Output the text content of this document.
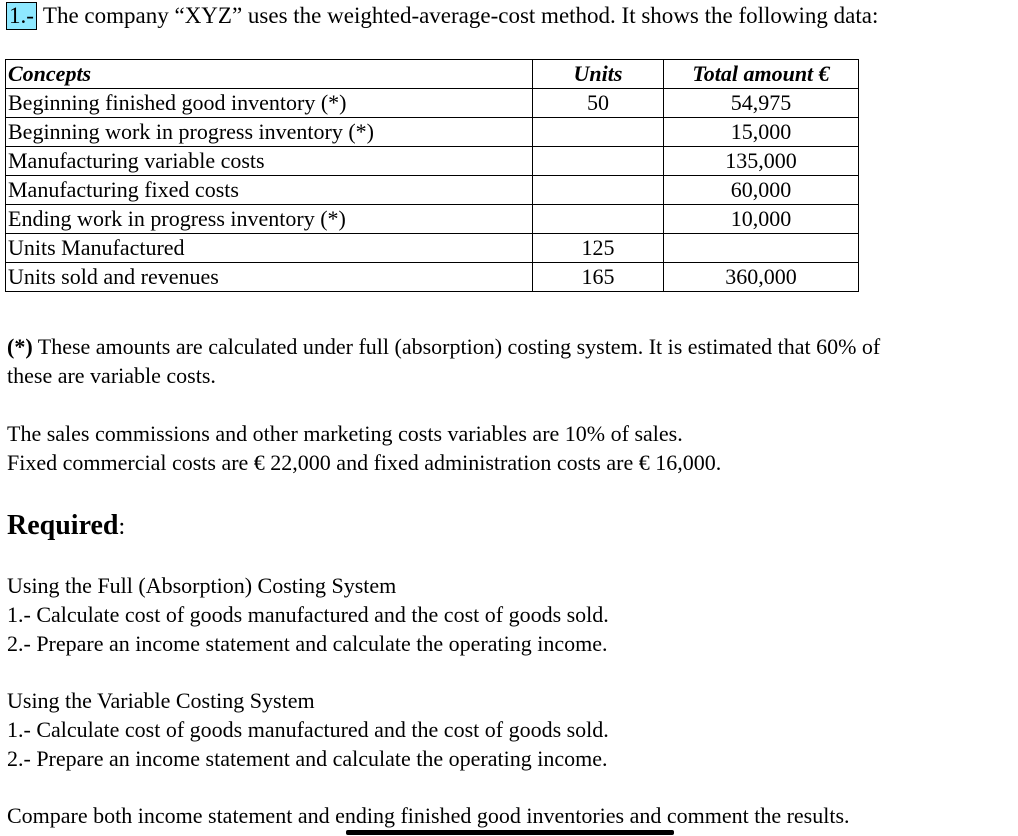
1.- The company “XYZ” uses the weighted-average-cost method. It shows the following data:
Concepts	Units	Total amount €
Beginning finished good inventory (*)	50	54,975
Beginning work in progress inventory (*)		15,000
Manufacturing variable costs		135,000
Manufacturing fixed costs		60,000
Ending work in progress inventory (*)		10,000
Units Manufactured	125	
Units sold and revenues	165	360,000
(*) These amounts are calculated under full (absorption) costing system. It is estimated that 60% of
these are variable costs.
The sales commissions and other marketing costs variables are 10% of sales.
Fixed commercial costs are € 22,000 and fixed administration costs are € 16,000.
Required:
Using the Full (Absorption) Costing System
1.- Calculate cost of goods manufactured and the cost of goods sold.
2.- Prepare an income statement and calculate the operating income.
Using the Variable Costing System
1.- Calculate cost of goods manufactured and the cost of goods sold.
2.- Prepare an income statement and calculate the operating income.
Compare both income statement and ending finished good inventories and comment the results.
